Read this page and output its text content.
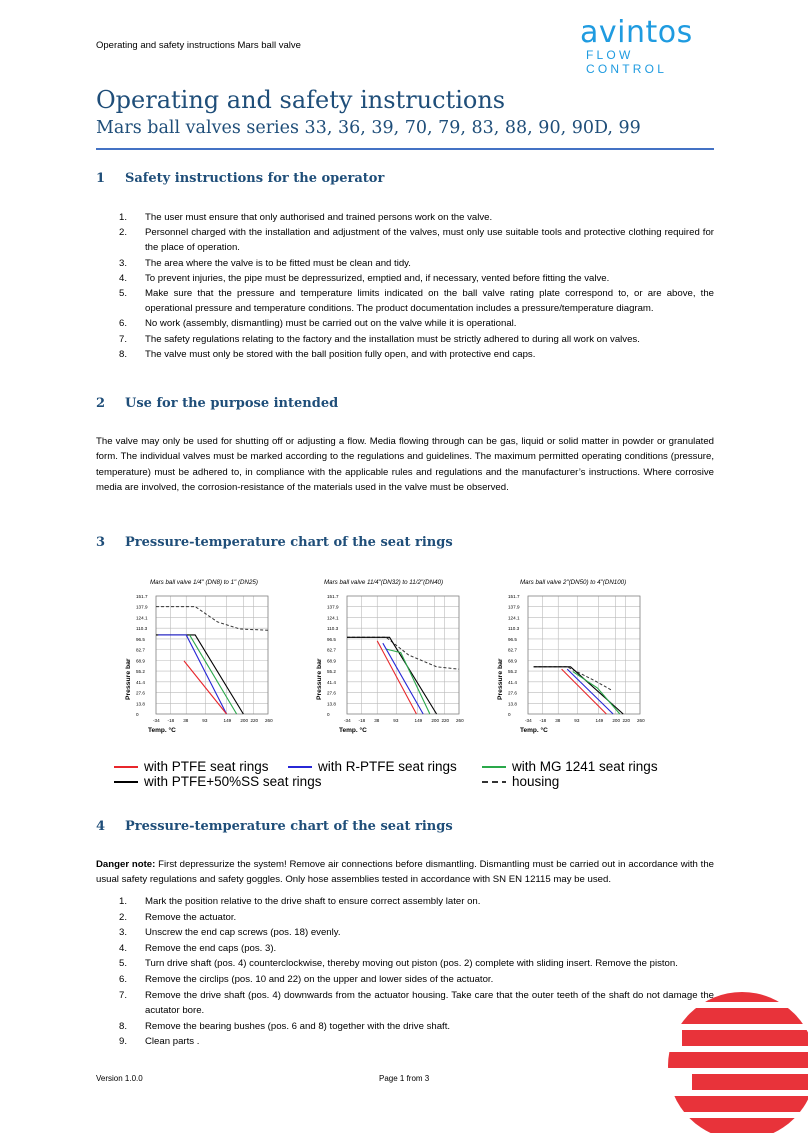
Operating and safety instructions Mars ball valve	avintos
FLOW CONTROL
Operating and safety instructions
Mars ball valves series 33, 36, 39, 70, 79, 83, 88, 90, 90D, 99
1 Safety instructions for the operator
1. The user must ensure that only authorised and trained persons work on the valve.
2. Personnel charged with the installation and adjustment of the valves, must only use suitable tools and protective clothing required for the place of operation.
3. The area where the valve is to be fitted must be clean and tidy.
4. To prevent injuries, the pipe must be depressurized, emptied and, if necessary, vented before fitting the valve.
5. Make sure that the pressure and temperature limits indicated on the ball valve rating plate correspond to, or are above, the operational pressure and temperature conditions. The product documentation includes a pressure/temperature diagram.
6. No work (assembly, dismantling) must be carried out on the valve while it is operational.
7. The safety regulations relating to the factory and the installation must be strictly adhered to during all work on valves.
8. The valve must only be stored with the ball position fully open, and with protective end caps.
2 Use for the purpose intended

The valve may only be used for shutting off or adjusting a flow. Media flowing through can be gas, liquid or solid matter in powder or granulated form. The individual valves must be marked according to the regulations and guidelines. The maximum permitted operating conditions (pressure, temperature) must be adhered to, in compliance with the applicable rules and regulations and the manufacturer’s instructions. Where corrosive media are involved, the corrosion-resistance of the materials used in the valve must be observed.

3 Pressure-temperature chart of the seat rings
Mars ball valve 1/4" (DN8) to 1" (DN25)
151.7
137.9
124.1
110.3
96.5
82.7
68.9
55.2
41.4
27.6
13.8
0
-34 -18 38	93	149 200 220 260
Temp. °C
Pressure bar
Mars ball valve 11/4"(DN32) to 11/2"(DN40)
151.7
137.9
124.1
110.3
96.5
82.7
68.9
55.2
41.4
27.6
13.8
0
-34 -18 38	93	149 200 220 260
Temp. °C
Pressure bar
Mars ball valve 2"(DN50) to 4"(DN100)
151.7
137.9
124.1
110.3
96.5
82.7
68.9
55.2
41.4
27.6
13.8
0
-34 -18 38	93	149 200 220 260
Temp. °C
Pressure bar
with PTFE seat rings	with R-PTFE seat rings	with MG 1241 seat rings
with PTFE+50%SS seat rings	housing
4 Pressure-temperature chart of the seat rings

Danger note: First depressurize the system! Remove air connections before dismantling. Dismantling must be carried out in accordance with the usual safety regulations and safety goggles. Only hose assemblies tested in accordance with SN EN 12115 may be used.

1. Mark the position relative to the drive shaft to ensure correct assembly later on.
2. Remove the actuator.
3. Unscrew the end cap screws (pos. 18) evenly.
4. Remove the end caps (pos. 3).
5. Turn drive shaft (pos. 4) counterclockwise, thereby moving out piston (pos. 2) complete with sliding insert. Remove the piston.
6. Remove the circlips (pos. 10 and 22) on the upper and lower sides of the actuator.
7. Remove the drive shaft (pos. 4) downwards from the actuator housing. Take care that the outer teeth of the shaft do not damage the acutator bore.
8. Remove the bearing bushes (pos. 6 and 8) together with the drive shaft.
9. Clean parts .
Version 1.0.0	Page 1 from 3
